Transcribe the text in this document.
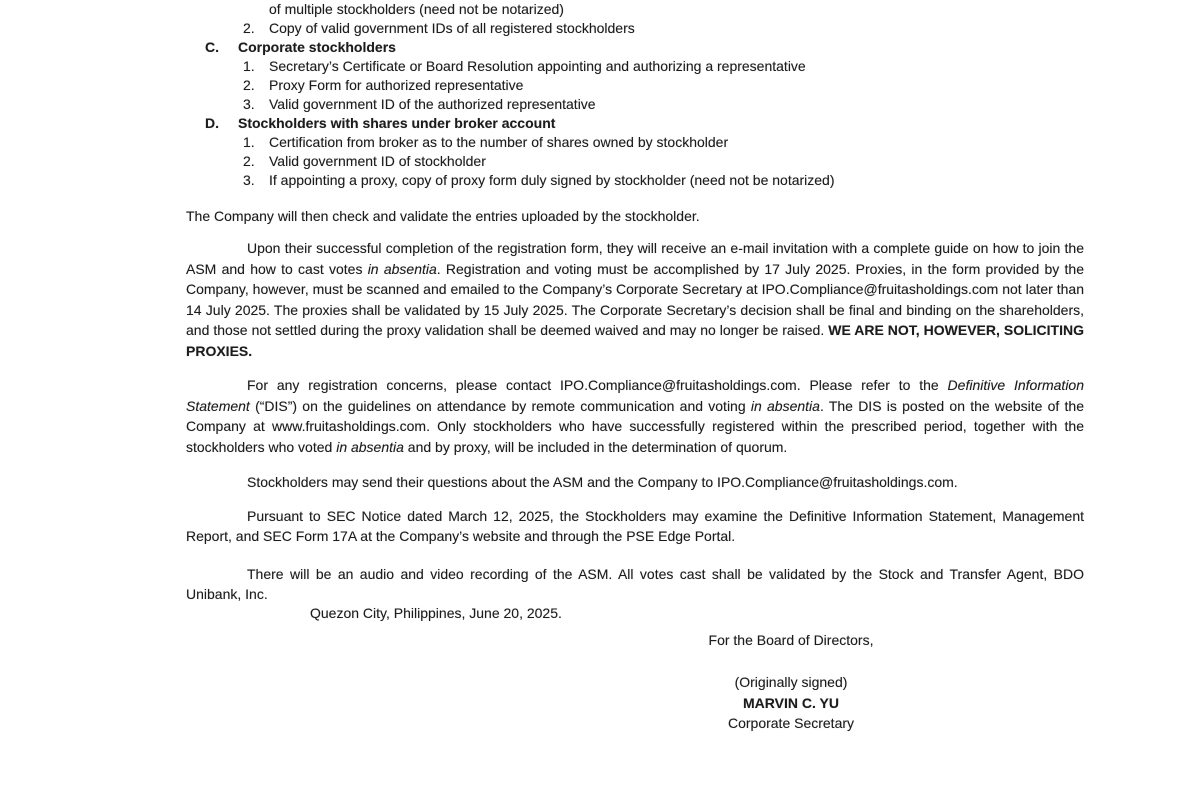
of multiple stockholders (need not be notarized)
2.	Copy of valid government IDs of all registered stockholders
C.	Corporate stockholders
1.	Secretary’s Certificate or Board Resolution appointing and authorizing a representative
2.	Proxy Form for authorized representative
3.	Valid government ID of the authorized representative
D.	Stockholders with shares under broker account
1.	Certification from broker as to the number of shares owned by stockholder
2.	Valid government ID of stockholder
3.	If appointing a proxy, copy of proxy form duly signed by stockholder (need not be notarized)

The Company will then check and validate the entries uploaded by the stockholder.

Upon their successful completion of the registration form, they will receive an e-mail invitation with a complete guide on how to join the ASM and how to cast votes in absentia. Registration and voting must be accomplished by 17 July 2025. Proxies, in the form provided by the Company, however, must be scanned and emailed to the Company’s Corporate Secretary at IPO.Compliance@fruitasholdings.com not later than 14 July 2025. The proxies shall be validated by 15 July 2025. The Corporate Secretary’s decision shall be final and binding on the shareholders, and those not settled during the proxy validation shall be deemed waived and may no longer be raised. WE ARE NOT, HOWEVER, SOLICITING PROXIES.

For any registration concerns, please contact IPO.Compliance@fruitasholdings.com. Please refer to the Definitive Information Statement (“DIS”) on the guidelines on attendance by remote communication and voting in absentia. The DIS is posted on the website of the Company at www.fruitasholdings.com. Only stockholders who have successfully registered within the prescribed period, together with the stockholders who voted in absentia and by proxy, will be included in the determination of quorum.

Stockholders may send their questions about the ASM and the Company to IPO.Compliance@fruitasholdings.com.

Pursuant to SEC Notice dated March 12, 2025, the Stockholders may examine the Definitive Information Statement, Management Report, and SEC Form 17A at the Company’s website and through the PSE Edge Portal.

There will be an audio and video recording of the ASM. All votes cast shall be validated by the Stock and Transfer Agent, BDO Unibank, Inc.

Quezon City, Philippines, June 20, 2025.

For the Board of Directors,
(Originally signed)
MARVIN C. YU
Corporate Secretary
